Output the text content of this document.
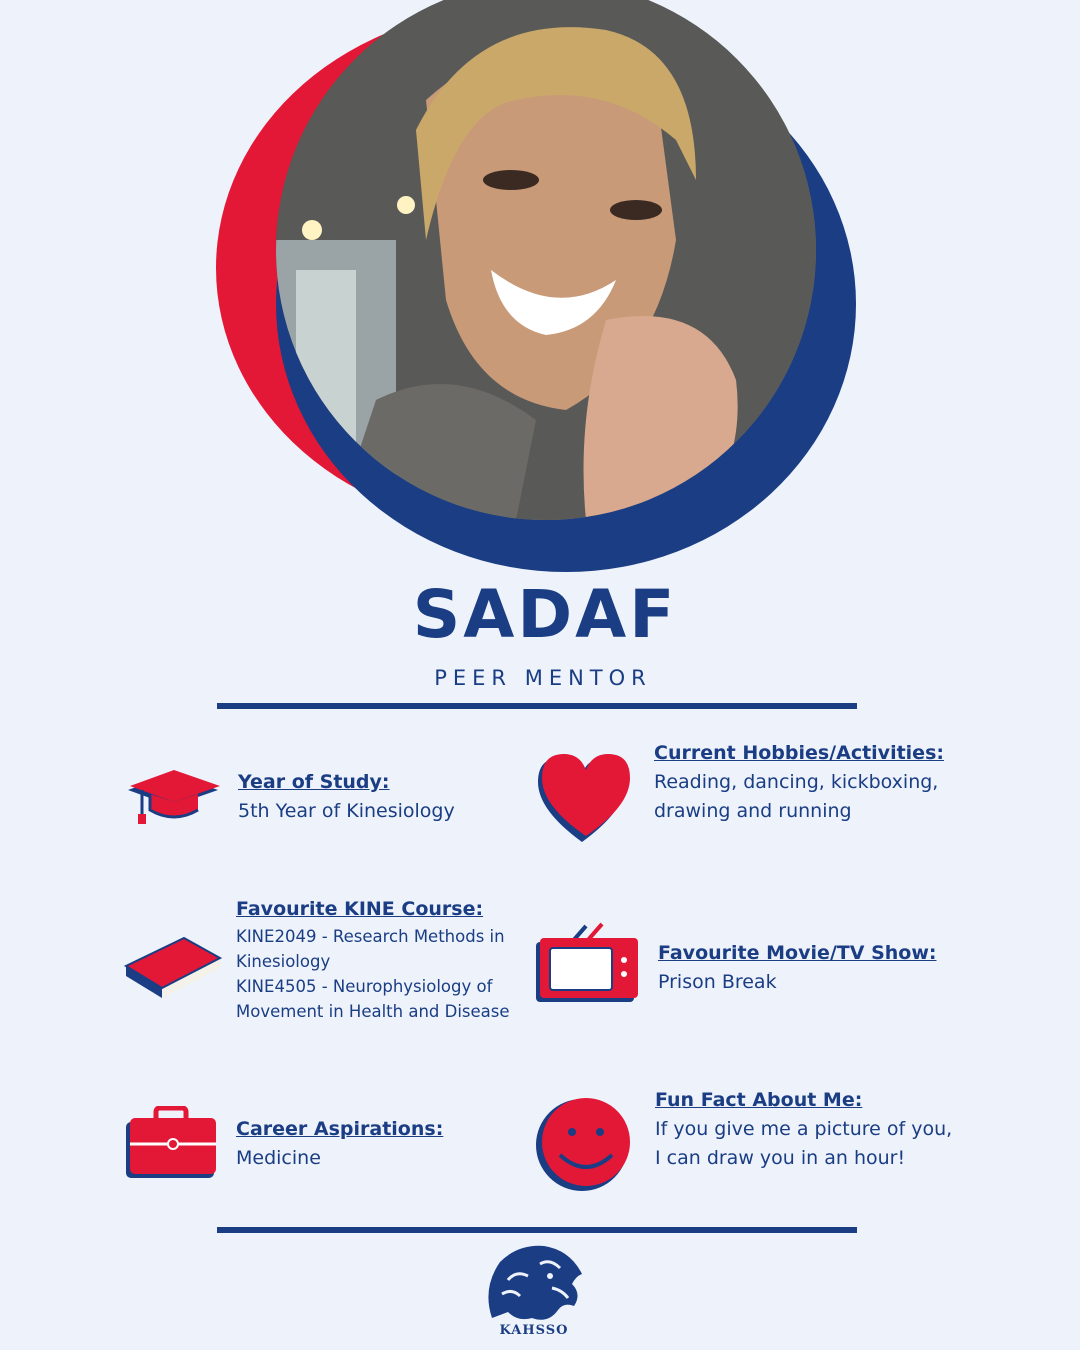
SADAF
PEER MENTOR
Year of Study:
5th Year of Kinesiology
Current Hobbies/Activities:
Reading, dancing, kickboxing, drawing and running
Favourite KINE Course:
KINE2049 - Research Methods in Kinesiology
KINE4505 - Neurophysiology of Movement in Health and Disease
Favourite Movie/TV Show:
Prison Break
Career Aspirations:
Medicine
Fun Fact About Me:
If you give me a picture of you, I can draw you in an hour!
KAHSSO
